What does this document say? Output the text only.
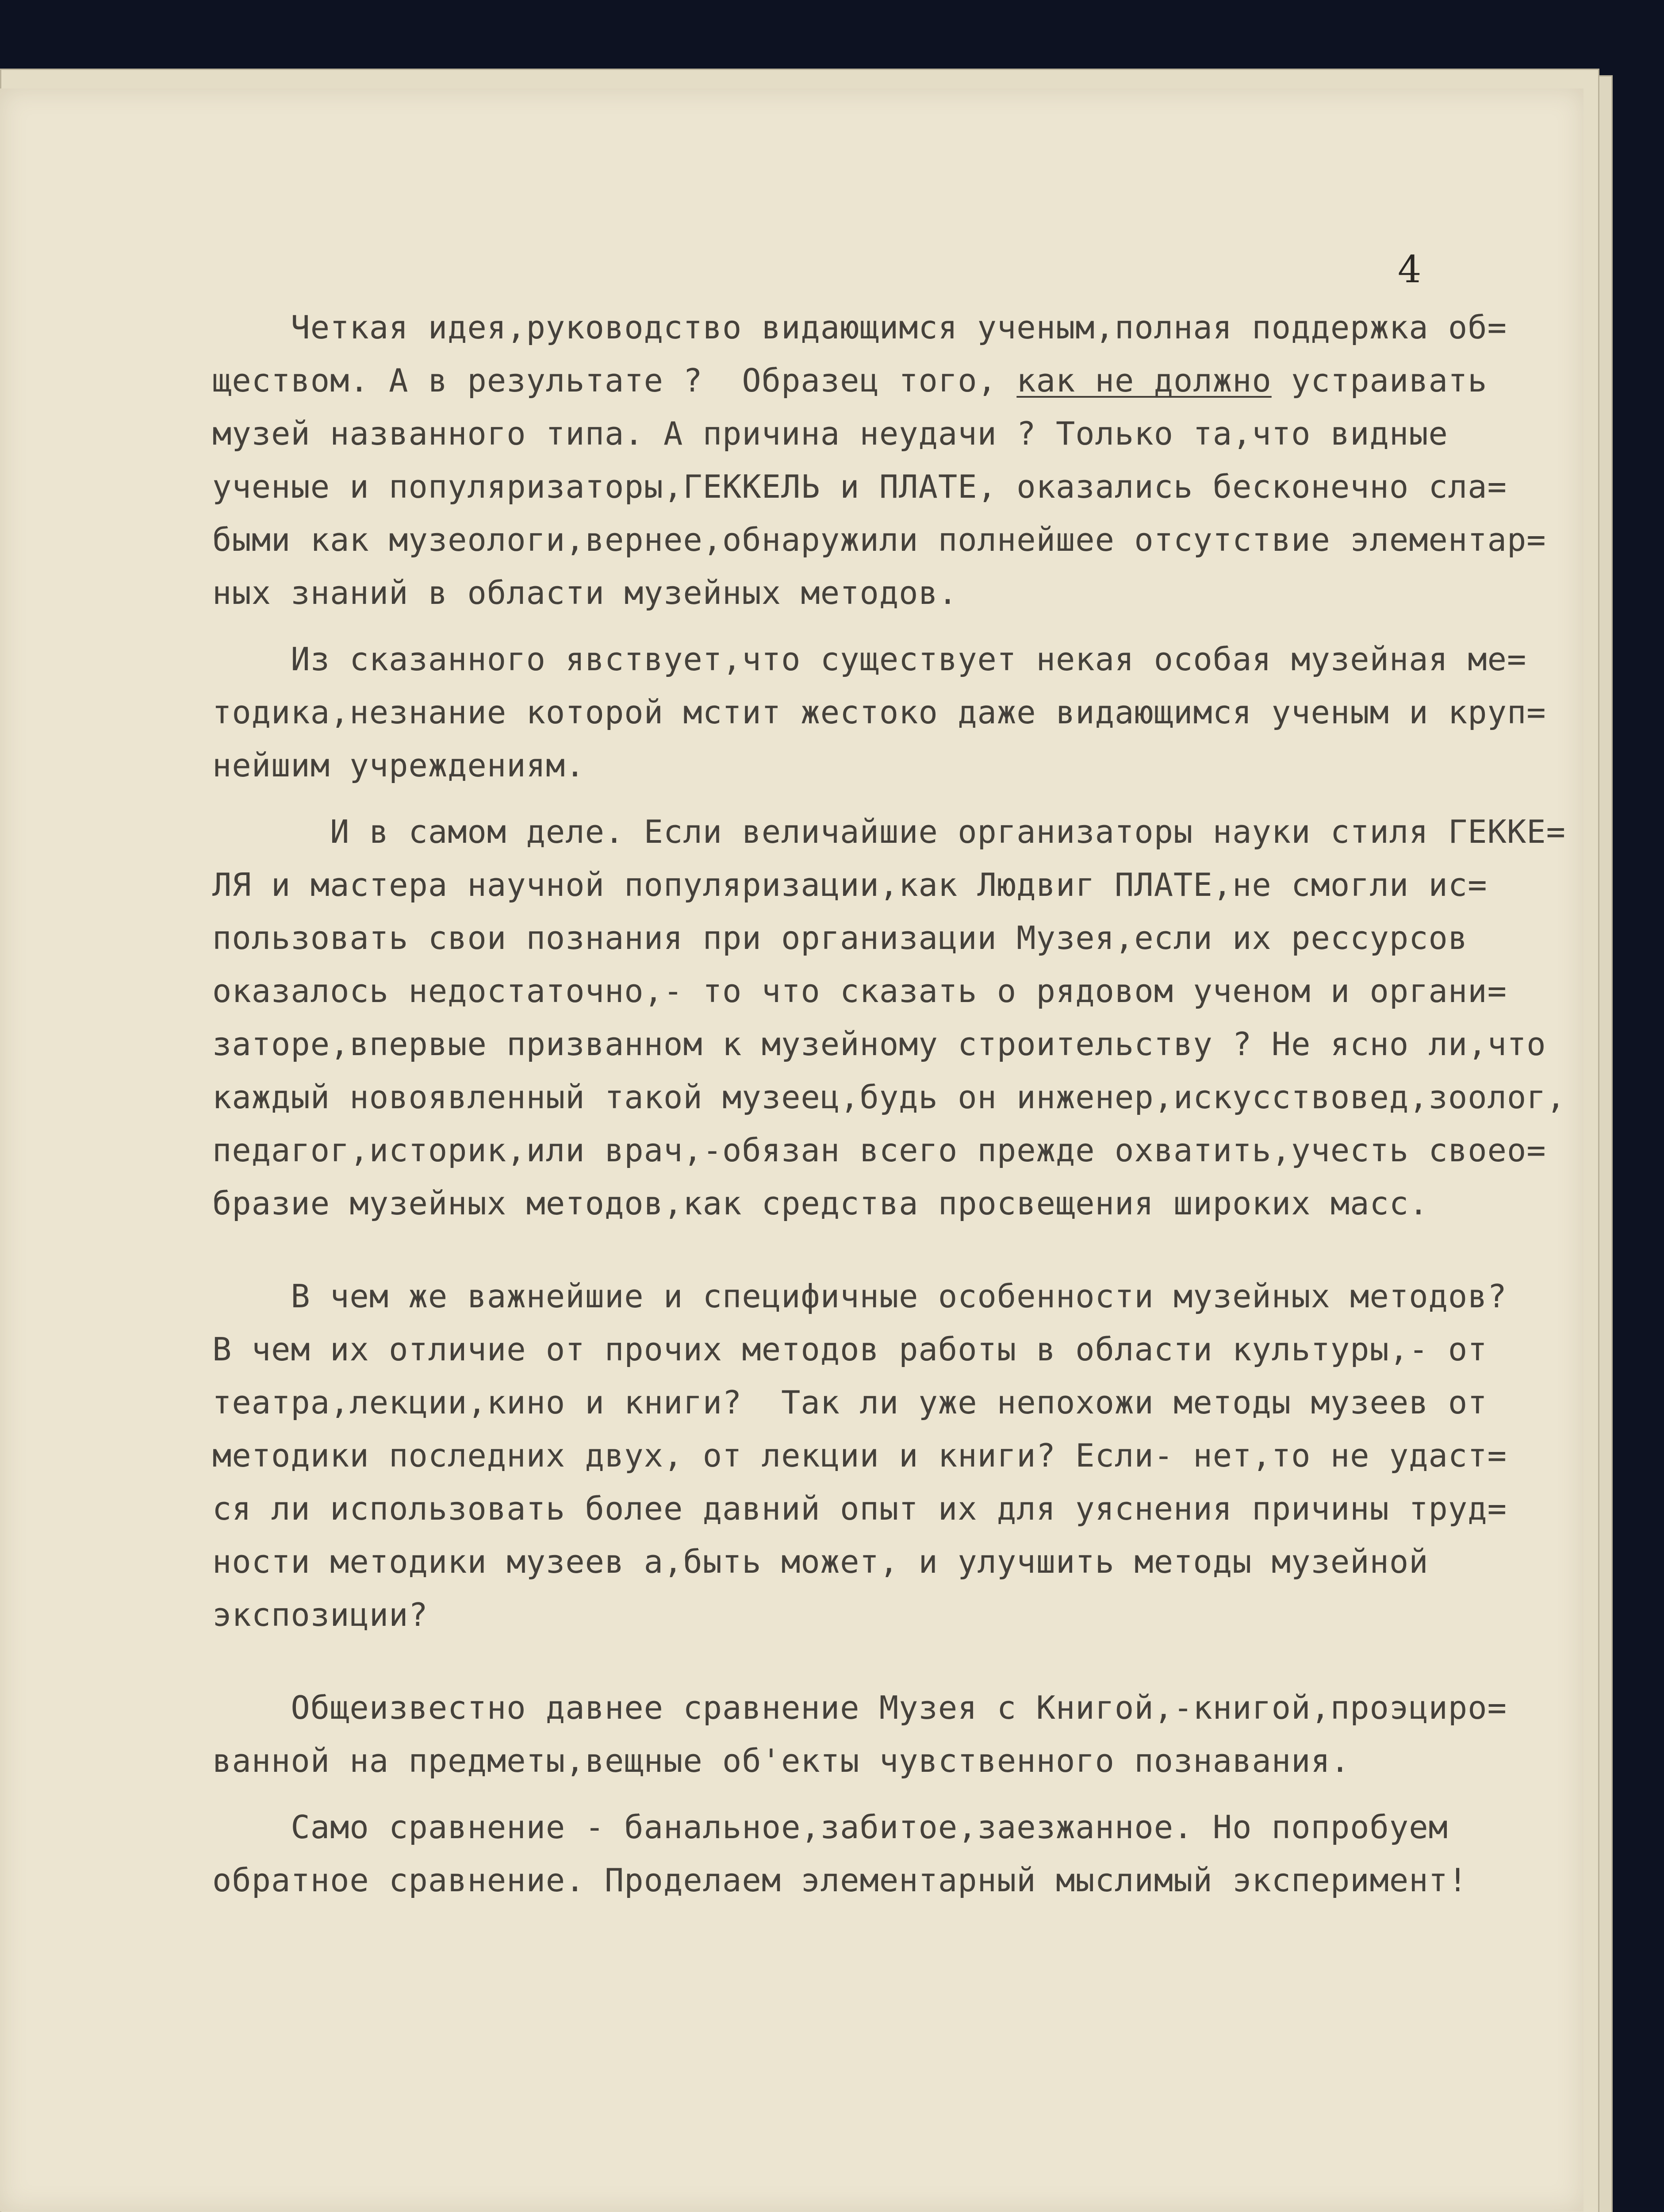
4
Четкая идея,руководство видающимся ученым,полная поддержка об=
ществом. А в результате ?  Образец того, как не должно устраивать
музей названного типа. А причина неудачи ? Только та,что видные
ученые и популяризаторы,ГЕККЕЛЬ и ПЛАТЕ, оказались бесконечно сла=
быми как музеологи,вернее,обнаружили полнейшее отсутствие элементар=
ных знаний в области музейных методов.
Из сказанного явствует,что существует некая особая музейная ме=
тодика,незнание которой мстит жестоко даже видающимся ученым и круп=
нейшим учреждениям.
И в самом деле. Если величайшие организаторы науки стиля ГЕККЕ=
ЛЯ и мастера научной популяризации,как Людвиг ПЛАТЕ,не смогли ис=
пользовать свои познания при организации Музея,если их рессурсов
оказалось недостаточно,- то что сказать о рядовом ученом и органи=
заторе,впервые призванном к музейному строительству ? Не ясно ли,что
каждый новоявленный такой музеец,будь он инженер,искусствовед,зоолог,
педагог,историк,или врач,-обязан всего прежде охватить,учесть своео=
бразие музейных методов,как средства просвещения широких масс.
В чем же важнейшие и специфичные особенности музейных методов?
В чем их отличие от прочих методов работы в области культуры,- от
театра,лекции,кино и книги?  Так ли уже непохожи методы музеев от
методики последних двух, от лекции и книги? Если- нет,то не удаст=
ся ли использовать более давний опыт их для уяснения причины труд=
ности методики музеев а,быть может, и улучшить методы музейной
экспозиции?
Общеизвестно давнее сравнение Музея с Книгой,-книгой,проэциро=
ванной на предметы,вещные об'екты чувственного познавания.
Само сравнение - банальное,забитое,заезжанное. Но попробуем
обратное сравнение. Проделаем элементарный мыслимый эксперимент!
